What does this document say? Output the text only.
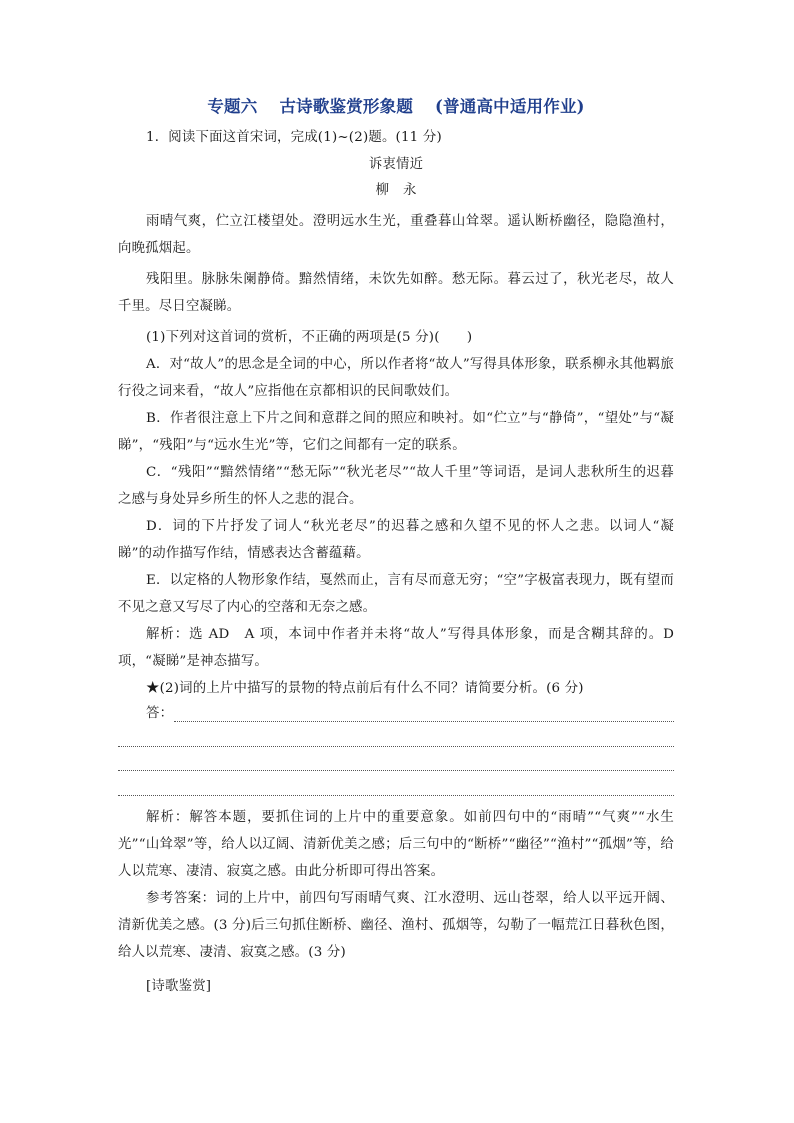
专题六 古诗歌鉴赏形象题 (普通高中适用作业)

1．阅读下面这首宋词，完成(1)~(2)题。(11 分)

诉衷情近

柳 永

雨晴气爽，伫立江楼望处。澄明远水生光，重叠暮山耸翠。遥认断桥幽径，隐隐渔村，向晚孤烟起。

残阳里。脉脉朱阑静倚。黯然情绪，未饮先如醉。愁无际。暮云过了，秋光老尽，故人千里。尽日空凝睇。

(1)下列对这首词的赏析，不正确的两项是(5 分)(　　)

A．对“故人”的思念是全词的中心，所以作者将“故人”写得具体形象，联系柳永其他羁旅行役之词来看，“故人”应指他在京都相识的民间歌妓们。

B．作者很注意上下片之间和意群之间的照应和映衬。如“伫立”与“静倚”，“望处”与“凝睇”，“残阳”与“远水生光”等，它们之间都有一定的联系。

C．“残阳”“黯然情绪”“愁无际”“秋光老尽”“故人千里”等词语，是词人悲秋所生的迟暮之感与身处异乡所生的怀人之悲的混合。

D．词的下片抒发了词人“秋光老尽”的迟暮之感和久望不见的怀人之悲。以词人“凝睇”的动作描写作结，情感表达含蓄蕴藉。

E．以定格的人物形象作结，戛然而止，言有尽而意无穷；“空”字极富表现力，既有望而不见之意又写尽了内心的空落和无奈之感。

解析：选 AD　A 项，本词中作者并未将“故人”写得具体形象，而是含糊其辞的。D 项，“凝睇”是神态描写。

★(2)词的上片中描写的景物的特点前后有什么不同？请简要分析。(6 分)

答：

解析：解答本题，要抓住词的上片中的重要意象。如前四句中的“雨晴”“气爽”“水生光”“山耸翠”等，给人以辽阔、清新优美之感；后三句中的“断桥”“幽径”“渔村”“孤烟”等，给人以荒寒、凄清、寂寞之感。由此分析即可得出答案。

参考答案：词的上片中，前四句写雨晴气爽、江水澄明、远山苍翠，给人以平远开阔、清新优美之感。(3 分)后三句抓住断桥、幽径、渔村、孤烟等，勾勒了一幅荒江日暮秋色图，给人以荒寒、凄清、寂寞之感。(3 分)

[诗歌鉴赏]
